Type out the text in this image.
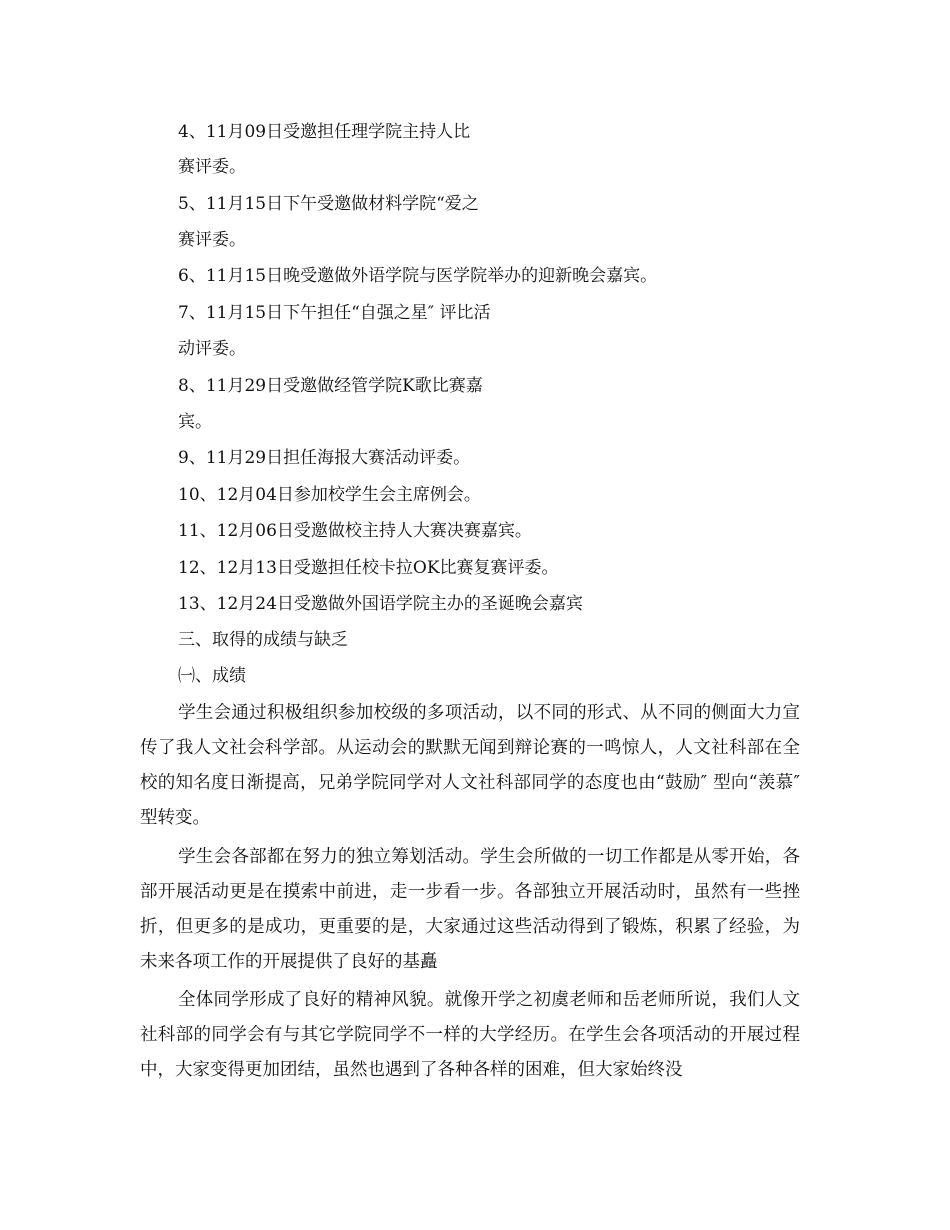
4、11月09日受邀担任理学院主持人比
赛评委。
5、11月15日下午受邀做材料学院“爱之
赛评委。
6、11月15日晚受邀做外语学院与医学院举办的迎新晚会嘉宾。
7、11月15日下午担任“自强之星″ 评比活
动评委。
8、11月29日受邀做经管学院K歌比赛嘉
宾。
9、11月29日担任海报大赛活动评委。
10、12月04日参加校学生会主席例会。
11、12月06日受邀做校主持人大赛决赛嘉宾。
12、12月13日受邀担任校卡拉OK比赛复赛评委。
13、12月24日受邀做外国语学院主办的圣诞晚会嘉宾
三、取得的成绩与缺乏
㈠、成绩

学生会通过积极组织参加校级的多项活动，以不同的形式、从不同的侧面大力宣传了我人文社会科学部。从运动会的默默无闻到辩论赛的一鸣惊人，人文社科部在全校的知名度日渐提高，兄弟学院同学对人文社科部同学的态度也由“鼓励″ 型向“羡慕″ 型转变。

学生会各部都在努力的独立筹划活动。学生会所做的一切工作都是从零开始，各部开展活动更是在摸索中前进，走一步看一步。各部独立开展活动时，虽然有一些挫折，但更多的是成功，更重要的是，大家通过这些活动得到了锻炼，积累了经验，为未来各项工作的开展提供了良好的基矗

全体同学形成了良好的精神风貌。就像开学之初虞老师和岳老师所说，我们人文社科部的同学会有与其它学院同学不一样的大学经历。在学生会各项活动的开展过程中，大家变得更加团结，虽然也遇到了各种各样的困难，但大家始终没
